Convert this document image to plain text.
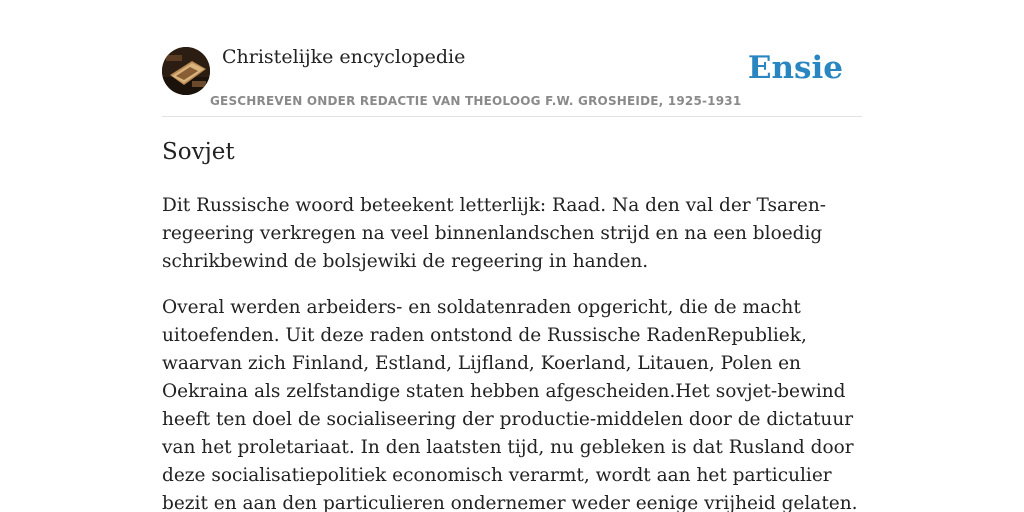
Christelijke encyclopedie
GESCHREVEN ONDER REDACTIE VAN THEOLOOG F.W. GROSHEIDE, 1925-1931
Ensie
Sovjet

Dit Russische woord beteekent letterlijk: Raad. Na den val der Tsaren-regeering verkregen na veel binnenlandschen strijd en na een bloedig schrikbewind de bolsjewiki de regeering in handen.

Overal werden arbeiders- en soldatenraden opgericht, die de macht uitoefenden. Uit deze raden ontstond de Russische RadenRepubliek, waarvan zich Finland, Estland, Lijfland, Koerland, Litauen, Polen en Oekraina als zelfstandige staten hebben afgescheiden.Het sovjet-bewind heeft ten doel de socialiseering der productie-middelen door de dictatuur van het proletariaat. In den laatsten tijd, nu gebleken is dat Rusland door deze socialisatiepolitiek economisch verarmt, wordt aan het particulier bezit en aan den particulieren ondernemer weder eenige vrijheid gelaten.
